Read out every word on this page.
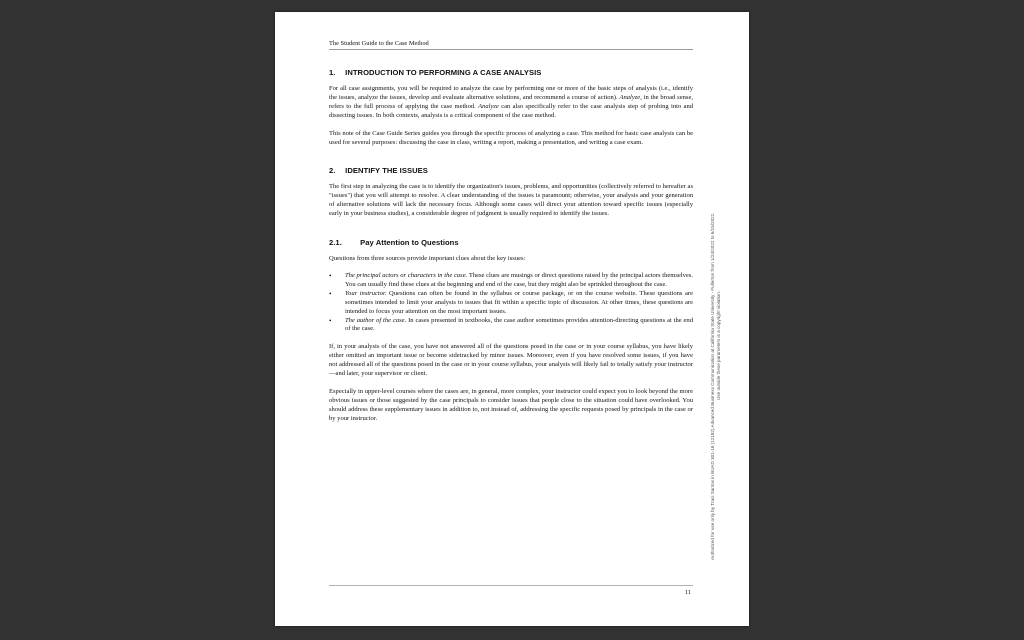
The Student Guide to the Case Method
1. INTRODUCTION TO PERFORMING A CASE ANALYSIS

For all case assignments, you will be required to analyze the case by performing one or more of the basic steps of analysis (i.e., identify the issues, analyze the issues, develop and evaluate alternative solutions, and recommend a course of action). Analyze, in the broad sense, refers to the full process of applying the case method. Analyze can also specifically refer to the case analysis step of probing into and dissecting issues. In both contexts, analysis is a critical component of the case method.

This note of the Case Guide Series guides you through the specific process of analyzing a case. This method for basic case analysis can be used for several purposes: discussing the case in class, writing a report, making a presentation, and writing a case exam.

2. IDENTIFY THE ISSUES

The first step in analyzing the case is to identify the organization's issues, problems, and opportunities (collectively referred to hereafter as "issues") that you will attempt to resolve. A clear understanding of the issues is paramount; otherwise, your analysis and your generation of alternative solutions will lack the necessary focus. Although some cases will direct your attention toward specific issues (especially early in your business studies), a considerable degree of judgment is usually required to identify the issues.

2.1. Pay Attention to Questions

Questions from three sources provide important clues about the key issues:

• The principal actors or characters in the case. These clues are musings or direct questions raised by the principal actors themselves. You can usually find these clues at the beginning and end of the case, but they might also be sprinkled throughout the case.
• Your instructor. Questions can often be found in the syllabus or course package, or on the course website. These questions are sometimes intended to limit your analysis to issues that fit within a specific topic of discussion. At other times, these questions are intended to focus your attention on the most important issues.
• The author of the case. In cases presented in textbooks, the case author sometimes provides attention-directing questions at the end of the case.

If, in your analysis of the case, you have not answered all of the questions posed in the case or in your course syllabus, you have likely either omitted an important issue or become sidetracked by minor issues. Moreover, even if you have resolved some issues, if you have not addressed all of the questions posed in the case or in your course syllabus, your analysis will likely fail to totally satisfy your instructor—and later, your supervisor or client.

Especially in upper-level courses where the cases are, in general, more complex, your instructor could expect you to look beyond the more obvious issues or those suggested by the case principals to consider issues that people close to the situation could have overlooked. You should address these supplementary issues in addition to, not instead of, addressing the specific requests posed by principals in the case or by your instructor.

11
Authorized for use only by Traci Santos in BUAD 301-16 (12182) Advanced Business Communication at California State University - Fullerton from 1/24/2022 to 6/15/2022. Use outside these parameters is a copyright violation.
